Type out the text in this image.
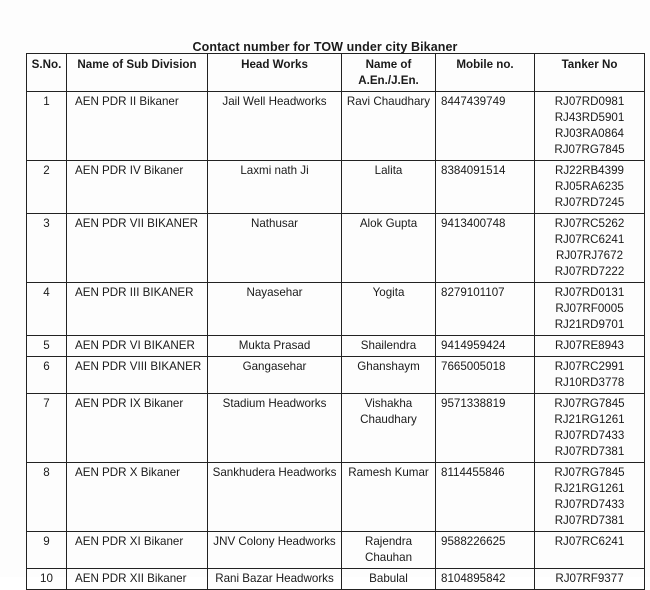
Contact number for TOW under city Bikaner
S.No.	Name of Sub Division	Head Works	Name of
A.En./J.En.	Mobile no.	Tanker No
1	AEN PDR II Bikaner	Jail Well Headworks	Ravi Chaudhary	8447439749	RJ07RD0981
RJ43RD5901
RJ03RA0864
RJ07RG7845

2	AEN PDR IV Bikaner	Laxmi nath Ji	Lalita	8384091514	RJ22RB4399
RJ05RA6235
RJ07RD7245

3	AEN PDR VII BIKANER	Nathusar	Alok Gupta	9413400748	RJ07RC5262
RJ07RC6241
RJ07RJ7672
RJ07RD7222

4	AEN PDR III BIKANER	Nayasehar	Yogita	8279101107	RJ07RD0131
RJ07RF0005
RJ21RD9701

5	AEN PDR VI BIKANER	Mukta Prasad	Shailendra	9414959424	RJ07RE8943

6	AEN PDR VIII BIKANER	Gangasehar	Ghanshaym	7665005018	RJ07RC2991
RJ10RD3778

7	AEN PDR IX Bikaner	Stadium Headworks	Vishakha Chaudhary	9571338819	RJ07RG7845
RJ21RG1261
RJ07RD7433
RJ07RD7381

8	AEN PDR X Bikaner	Sankhudera Headworks	Ramesh Kumar	8114455846	RJ07RG7845
RJ21RG1261
RJ07RD7433
RJ07RD7381

9	AEN PDR XI Bikaner	JNV Colony Headworks	Rajendra Chauhan	9588226625	RJ07RC6241

10	AEN PDR XII Bikaner	Rani Bazar Headworks	Babulal	8104895842	RJ07RF9377
